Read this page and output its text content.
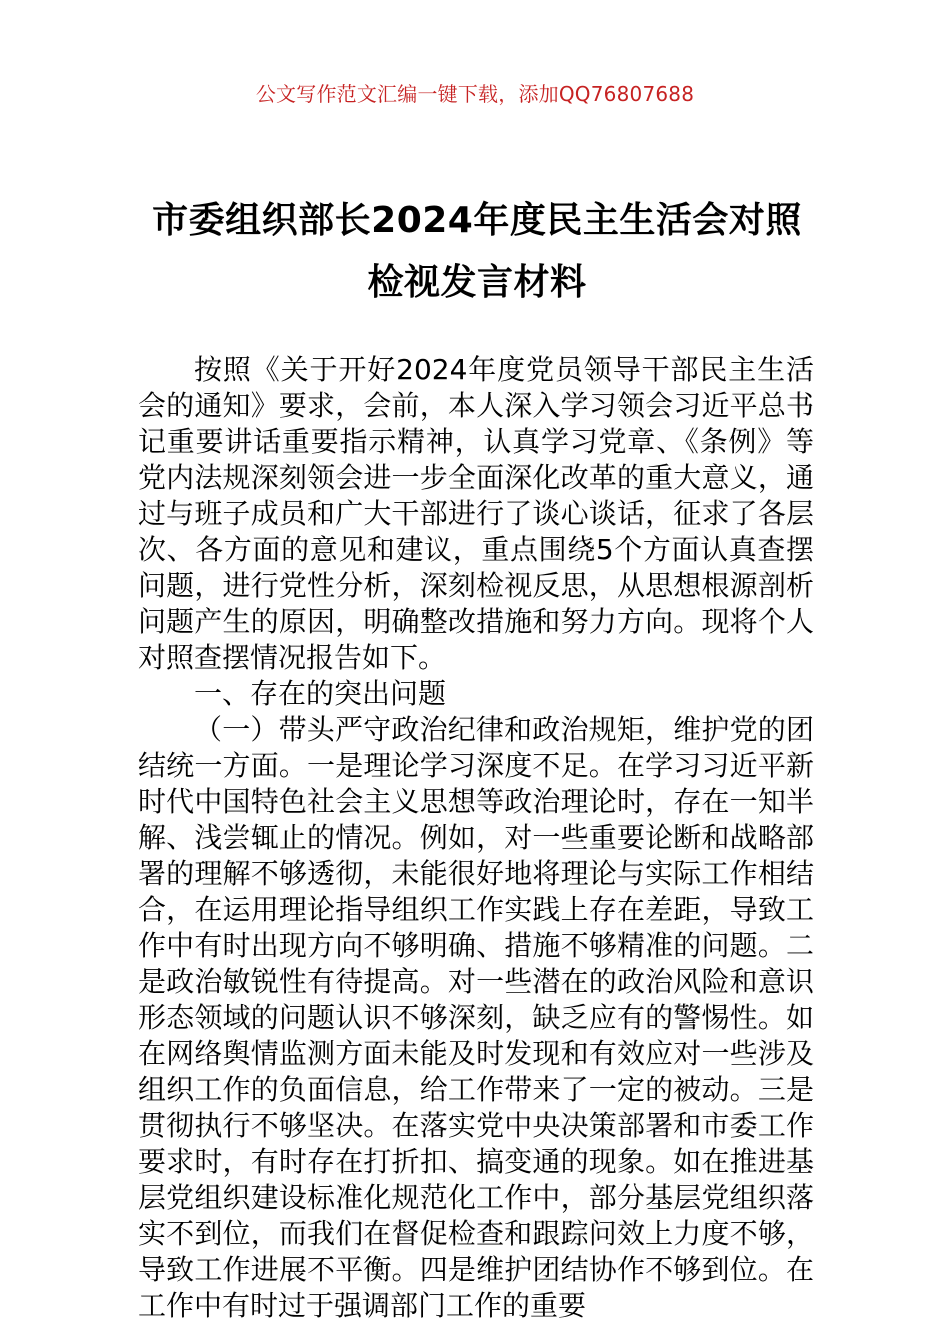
公文写作范文汇编一键下载，添加QQ76807688
市委组织部长2024年度民主生活会对照检视发言材料

按照《关于开好2024年度党员领导干部民主生活会的通知》要求，会前，本人深入学习领会习近平总书记重要讲话重要指示精神，认真学习党章、《条例》等党内法规深刻领会进一步全面深化改革的重大意义，通过与班子成员和广大干部进行了谈心谈话，征求了各层次、各方面的意见和建议，重点围绕5个方面认真查摆问题，进行党性分析，深刻检视反思，从思想根源剖析问题产生的原因，明确整改措施和努力方向。现将个人对照查摆情况报告如下。

一、存在的突出问题

（一）带头严守政治纪律和政治规矩，维护党的团结统一方面。一是理论学习深度不足。在学习习近平新时代中国特色社会主义思想等政治理论时，存在一知半解、浅尝辄止的情况。例如，对一些重要论断和战略部署的理解不够透彻，未能很好地将理论与实际工作相结合，在运用理论指导组织工作实践上存在差距，导致工作中有时出现方向不够明确、措施不够精准的问题。二是政治敏锐性有待提高。对一些潜在的政治风险和意识形态领域的问题认识不够深刻，缺乏应有的警惕性。如在网络舆情监测方面未能及时发现和有效应对一些涉及组织工作的负面信息，给工作带来了一定的被动。三是贯彻执行不够坚决。在落实党中央决策部署和市委工作要求时，有时存在打折扣、搞变通的现象。如在推进基层党组织建设标准化规范化工作中，部分基层党组织落实不到位，而我们在督促检查和跟踪问效上力度不够，导致工作进展不平衡。四是维护团结协作不够到位。在工作中有时过于强调部门工作的重要
